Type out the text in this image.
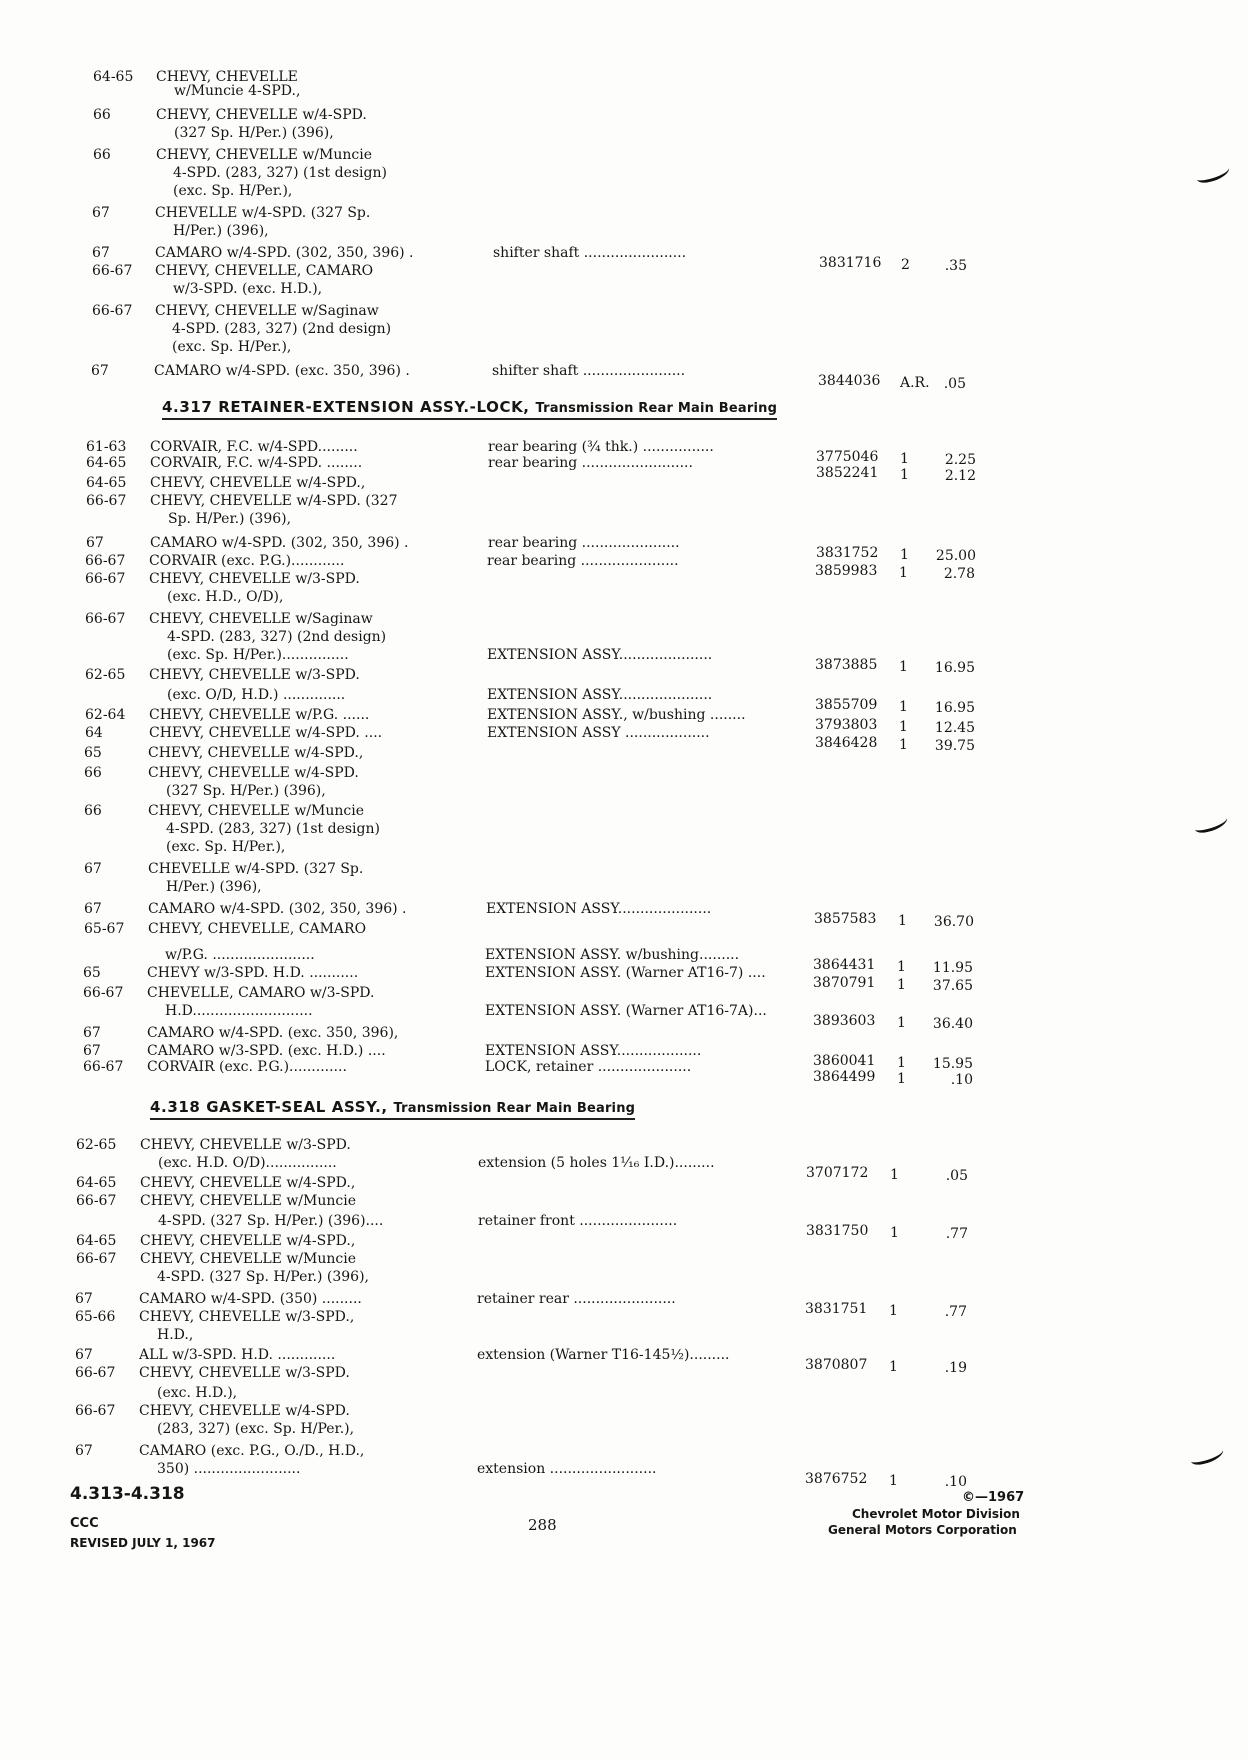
64-65	CHEVY, CHEVELLE
w/Muncie 4-SPD.,
66	CHEVY, CHEVELLE w/4-SPD.
(327 Sp. H/Per.) (396),
66	CHEVY, CHEVELLE w/Muncie
4-SPD. (283, 327) (1st design)
(exc. Sp. H/Per.),
67	CHEVELLE w/4-SPD. (327 Sp.
H/Per.) (396),
67	CAMARO w/4-SPD. (302, 350, 396) .	shifter shaft .......................
3831716	2	.35
66-67	CHEVY, CHEVELLE, CAMARO
w/3-SPD. (exc. H.D.),
66-67	CHEVY, CHEVELLE w/Saginaw
4-SPD. (283, 327) (2nd design)
(exc. Sp. H/Per.),
67	CAMARO w/4-SPD. (exc. 350, 396) .	shifter shaft .......................
3844036	A.R.	.05
61-63	CORVAIR, F.C. w/4-SPD.........	rear bearing (¾ thk.) ................
3775046	1	2.25
64-65	CORVAIR, F.C. w/4-SPD. ........	rear bearing .........................
3852241	1	2.12
64-65	CHEVY, CHEVELLE w/4-SPD.,
66-67	CHEVY, CHEVELLE w/4-SPD. (327
Sp. H/Per.) (396),
67	CAMARO w/4-SPD. (302, 350, 396) .	rear bearing ......................
3831752	1	25.00
66-67	CORVAIR (exc. P.G.)............	rear bearing ......................
3859983	1	2.78
66-67	CHEVY, CHEVELLE w/3-SPD.
(exc. H.D., O/D),
66-67	CHEVY, CHEVELLE w/Saginaw
4-SPD. (283, 327) (2nd design)
(exc. Sp. H/Per.)...............	EXTENSION ASSY.....................
3873885	1	16.95
62-65	CHEVY, CHEVELLE w/3-SPD.
(exc. O/D, H.D.) ..............	EXTENSION ASSY.....................
3855709	1	16.95
62-64	CHEVY, CHEVELLE w/P.G. ......	EXTENSION ASSY., w/bushing ........
3793803	1	12.45
64	CHEVY, CHEVELLE w/4-SPD. ....	EXTENSION ASSY ...................
3846428	1	39.75
65	CHEVY, CHEVELLE w/4-SPD.,
66	CHEVY, CHEVELLE w/4-SPD.
(327 Sp. H/Per.) (396),
66	CHEVY, CHEVELLE w/Muncie
4-SPD. (283, 327) (1st design)
(exc. Sp. H/Per.),
67	CHEVELLE w/4-SPD. (327 Sp.
H/Per.) (396),
67	CAMARO w/4-SPD. (302, 350, 396) .	EXTENSION ASSY.....................
3857583	1	36.70
65-67	CHEVY, CHEVELLE, CAMARO
w/P.G. .......................	EXTENSION ASSY. w/bushing.........
3864431	1	11.95
65	CHEVY w/3-SPD. H.D. ...........	EXTENSION ASSY. (Warner AT16-7) ....
3870791	1	37.65
66-67	CHEVELLE, CAMARO w/3-SPD.
H.D...........................	EXTENSION ASSY. (Warner AT16-7A)...
3893603	1	36.40
67	CAMARO w/4-SPD. (exc. 350, 396),
67	CAMARO w/3-SPD. (exc. H.D.) ....	EXTENSION ASSY...................
3860041	1	15.95
66-67	CORVAIR (exc. P.G.).............	LOCK, retainer .....................
3864499	1	.10
62-65	CHEVY, CHEVELLE w/3-SPD.
(exc. H.D. O/D)................	extension (5 holes 1¹⁄₁₆ I.D.).........
3707172	1	.05
64-65	CHEVY, CHEVELLE w/4-SPD.,
66-67	CHEVY, CHEVELLE w/Muncie
4-SPD. (327 Sp. H/Per.) (396)....	retainer front ......................
3831750	1	.77
64-65	CHEVY, CHEVELLE w/4-SPD.,
66-67	CHEVY, CHEVELLE w/Muncie
4-SPD. (327 Sp. H/Per.) (396),
67	CAMARO w/4-SPD. (350) .........	retainer rear .......................
3831751	1	.77
65-66	CHEVY, CHEVELLE w/3-SPD.,
H.D.,
67	ALL w/3-SPD. H.D. .............	extension (Warner T16-145½).........
3870807	1	.19
66-67	CHEVY, CHEVELLE w/3-SPD.
(exc. H.D.),
66-67	CHEVY, CHEVELLE w/4-SPD.
(283, 327) (exc. Sp. H/Per.),
67	CAMARO (exc. P.G., O./D., H.D.,
350) ........................	extension ........................
3876752	1	.10
4.317 RETAINER-EXTENSION ASSY.-LOCK, Transmission Rear Main Bearing
4.318 GASKET-SEAL ASSY., Transmission Rear Main Bearing
4.313-4.318
CCC
REVISED JULY 1, 1967
288
©—1967
Chevrolet Motor Division
General Motors Corporation
